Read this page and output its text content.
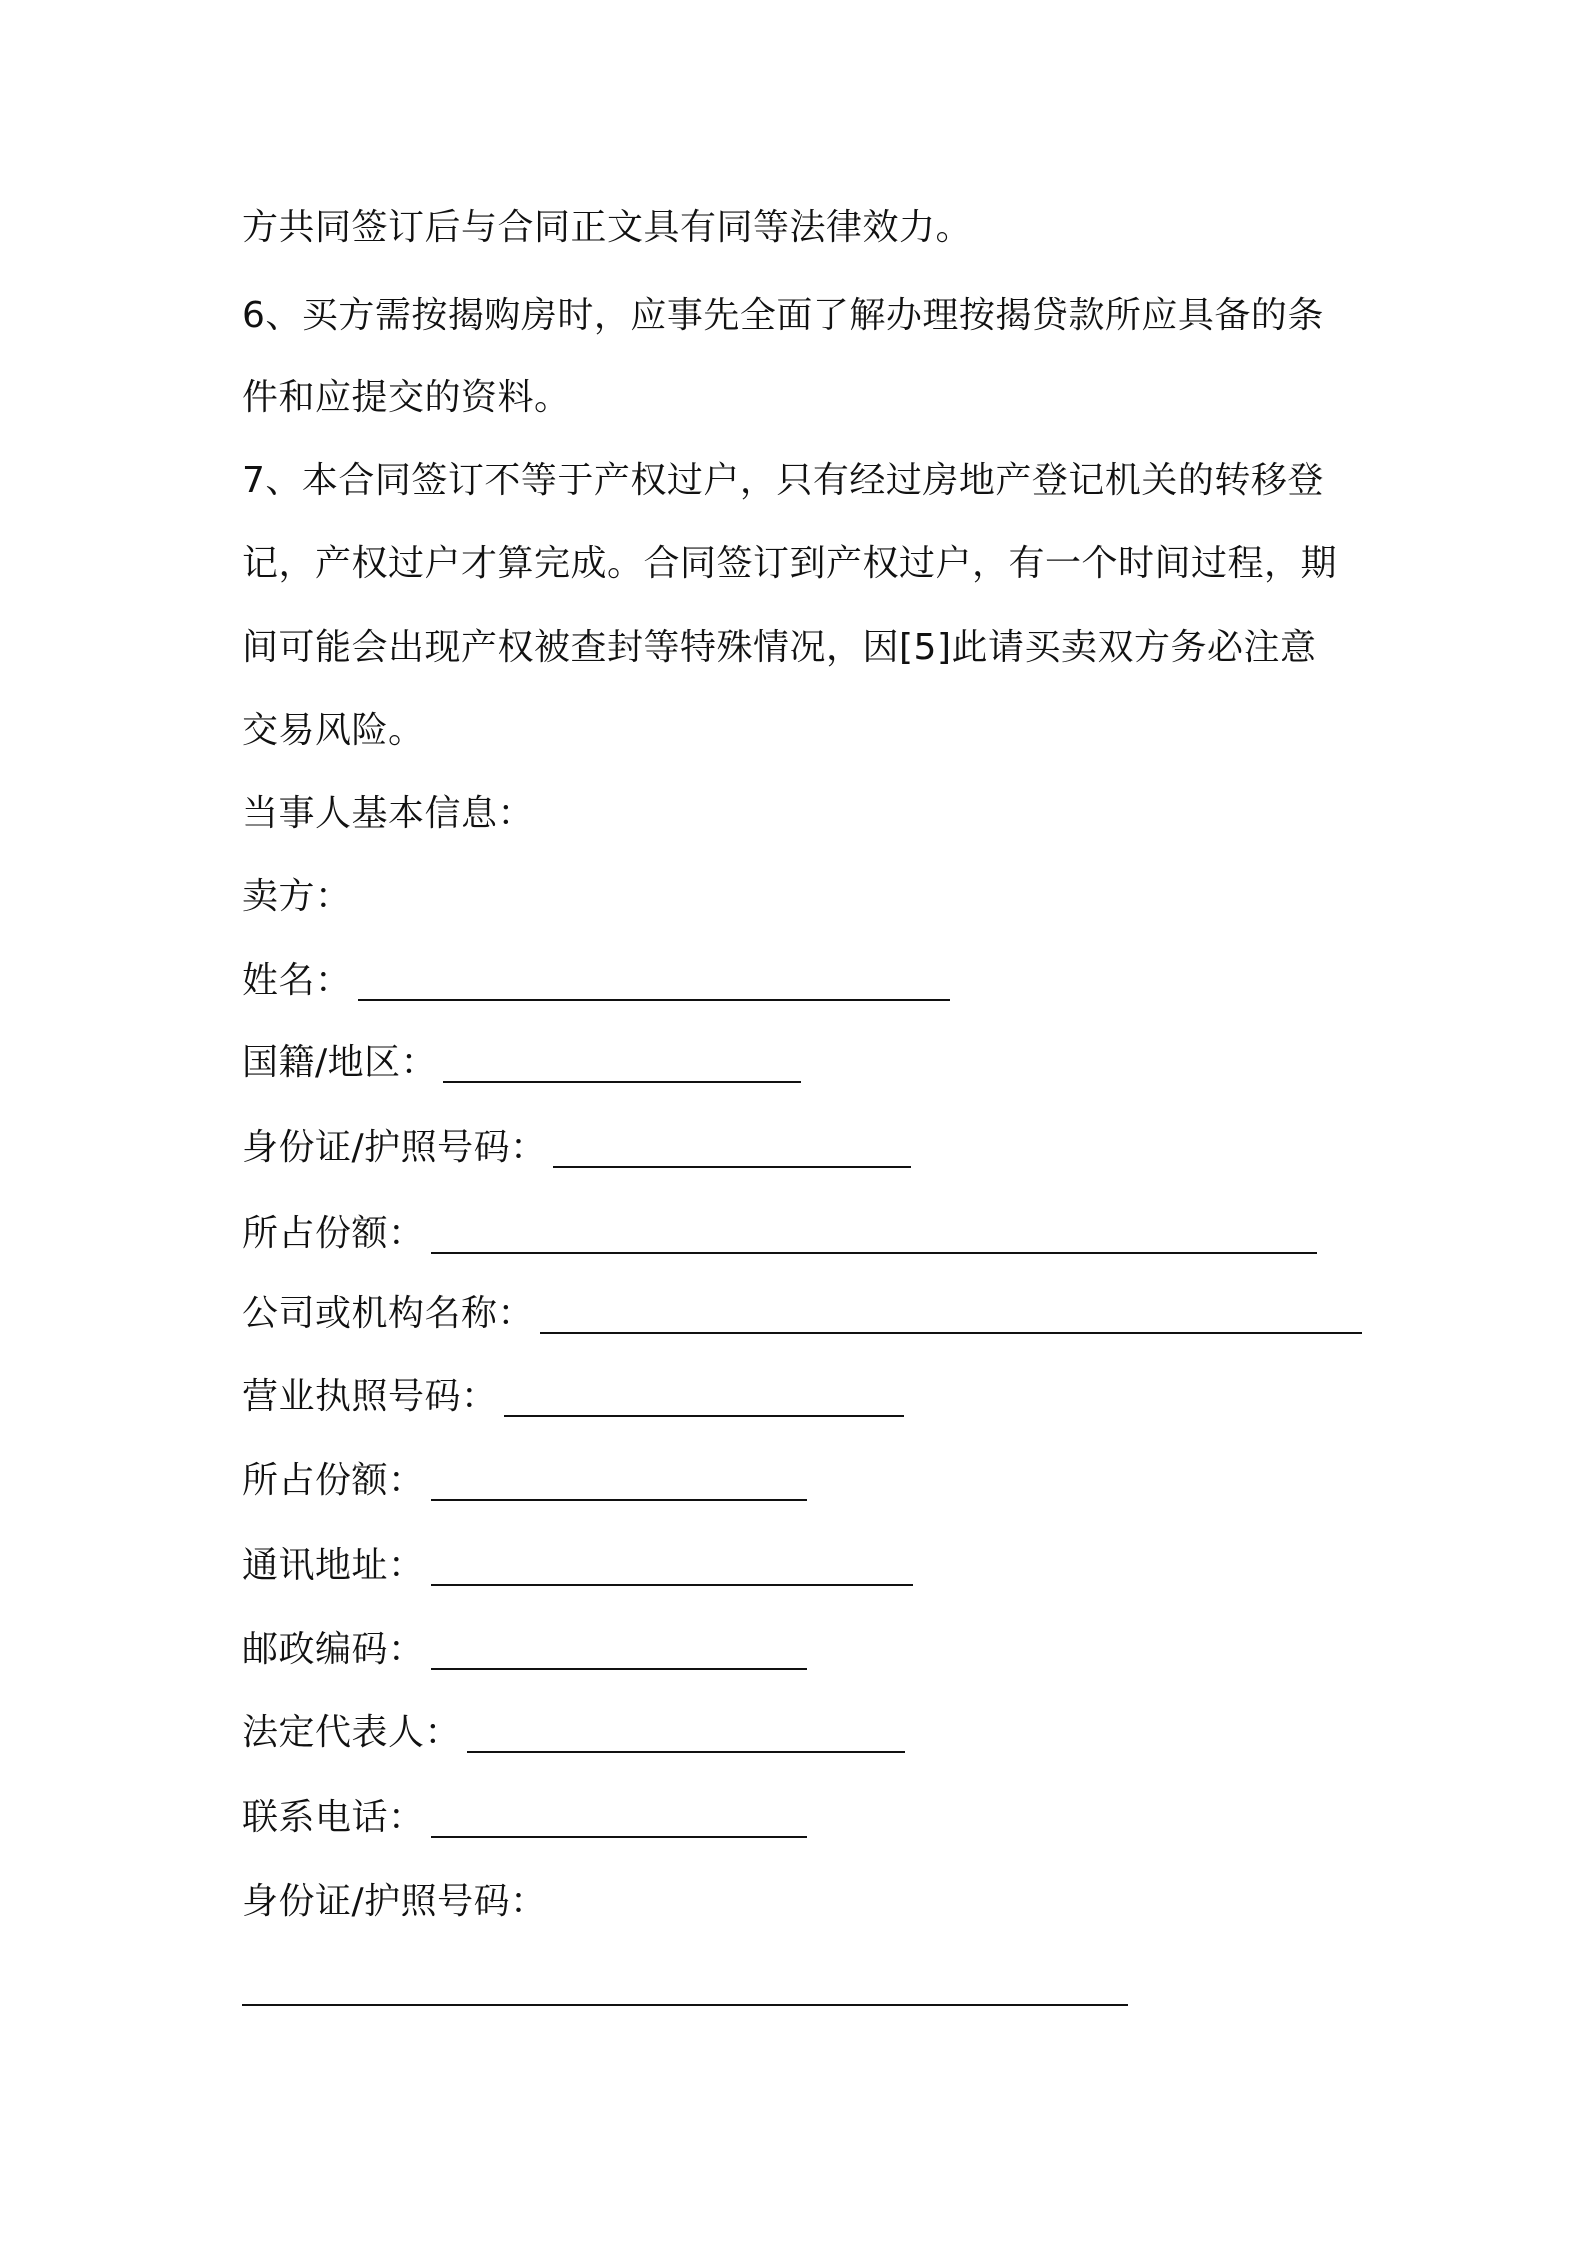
方共同签订后与合同正文具有同等法律效力。
6、买方需按揭购房时，应事先全面了解办理按揭贷款所应具备的条
件和应提交的资料。
7、本合同签订不等于产权过户，只有经过房地产登记机关的转移登
记，产权过户才算完成。合同签订到产权过户，有一个时间过程，期
间可能会出现产权被查封等特殊情况，因[5]此请买卖双方务必注意
交易风险。
当事人基本信息：
卖方：
姓名：
国籍/地区：
身份证/护照号码：
所占份额：
公司或机构名称：
营业执照号码：
所占份额：
通讯地址：
邮政编码：
法定代表人：
联系电话：
身份证/护照号码：
